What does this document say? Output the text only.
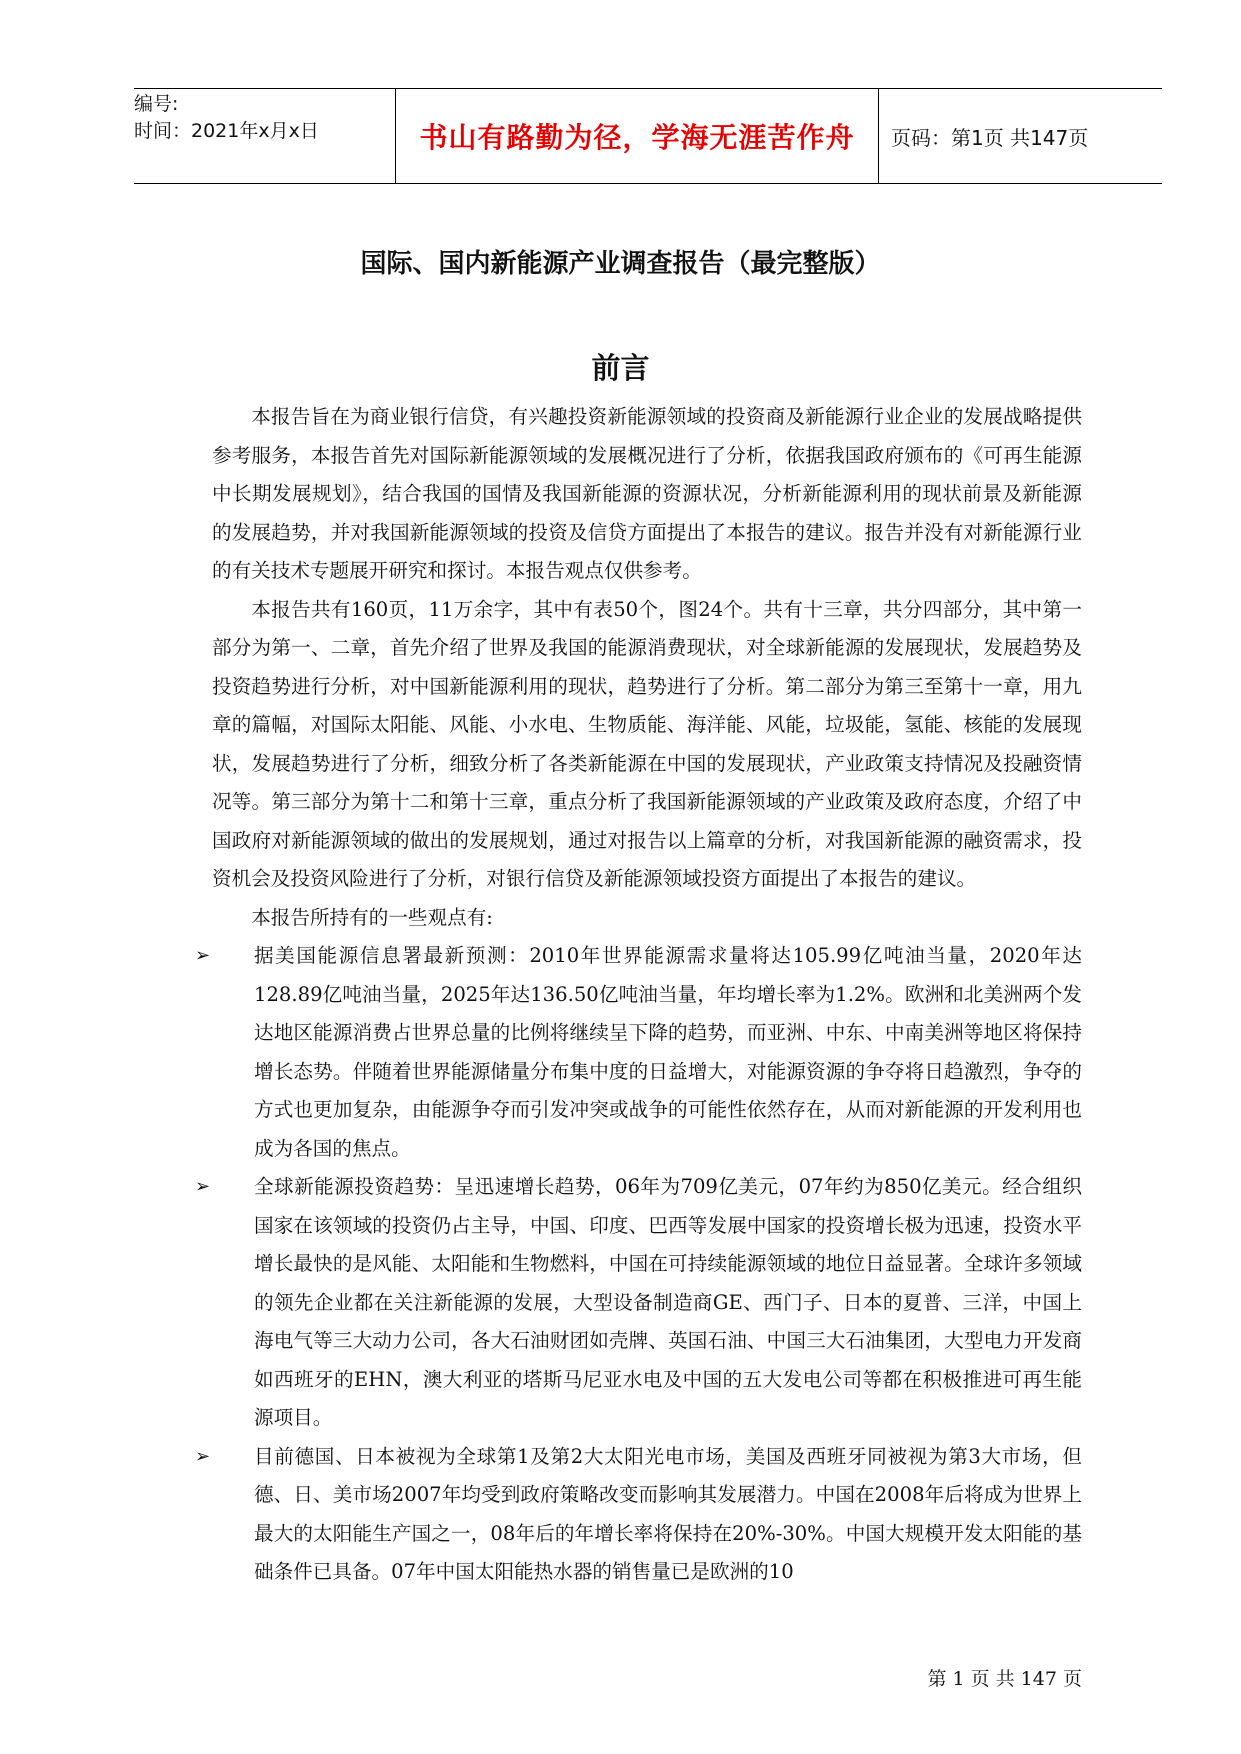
编号:
时间：2021年x月x日	书山有路勤为径，学海无涯苦作舟 页码：第1页 共147页
国际、国内新能源产业调查报告（最完整版）
前言

本报告旨在为商业银行信贷，有兴趣投资新能源领域的投资商及新能源行业企业的发展战略提供参考服务，本报告首先对国际新能源领域的发展概况进行了分析，依据我国政府颁布的《可再生能源中长期发展规划》，结合我国的国情及我国新能源的资源状况，分析新能源利用的现状前景及新能源的发展趋势，并对我国新能源领域的投资及信贷方面提出了本报告的建议。报告并没有对新能源行业的有关技术专题展开研究和探讨。本报告观点仅供参考。

本报告共有160页，11万余字，其中有表50个，图24个。共有十三章，共分四部分，其中第一部分为第一、二章，首先介绍了世界及我国的能源消费现状，对全球新能源的发展现状，发展趋势及投资趋势进行分析，对中国新能源利用的现状，趋势进行了分析。第二部分为第三至第十一章，用九章的篇幅，对国际太阳能、风能、小水电、生物质能、海洋能、风能，垃圾能，氢能、核能的发展现状，发展趋势进行了分析，细致分析了各类新能源在中国的发展现状，产业政策支持情况及投融资情况等。第三部分为第十二和第十三章，重点分析了我国新能源领域的产业政策及政府态度，介绍了中国政府对新能源领域的做出的发展规划，通过对报告以上篇章的分析，对我国新能源的融资需求，投资机会及投资风险进行了分析，对银行信贷及新能源领域投资方面提出了本报告的建议。

本报告所持有的一些观点有:

➢ 据美国能源信息署最新预测：2010年世界能源需求量将达105.99亿吨油当量，2020年达128.89亿吨油当量，2025年达136.50亿吨油当量，年均增长率为1.2%。欧洲和北美洲两个发达地区能源消费占世界总量的比例将继续呈下降的趋势，而亚洲、中东、中南美洲等地区将保持增长态势。伴随着世界能源储量分布集中度的日益增大，对能源资源的争夺将日趋激烈，争夺的方式也更加复杂，由能源争夺而引发冲突或战争的可能性依然存在，从而对新能源的开发利用也成为各国的焦点。
➢ 全球新能源投资趋势：呈迅速增长趋势，06年为709亿美元，07年约为850亿美元。经合组织国家在该领域的投资仍占主导，中国、印度、巴西等发展中国家的投资增长极为迅速，投资水平增长最快的是风能、太阳能和生物燃料，中国在可持续能源领域的地位日益显著。全球许多领域的领先企业都在关注新能源的发展，大型设备制造商GE、西门子、日本的夏普、三洋，中国上海电气等三大动力公司，各大石油财团如壳牌、英国石油、中国三大石油集团，大型电力开发商如西班牙的EHN，澳大利亚的塔斯马尼亚水电及中国的五大发电公司等都在积极推进可再生能源项目。
➢ 目前德国、日本被视为全球第1及第2大太阳光电市场，美国及西班牙同被视为第3大市场，但德、日、美市场2007年均受到政府策略改变而影响其发展潜力。中国在2008年后将成为世界上最大的太阳能生产国之一，08年后的年增长率将保持在20%-30%。中国大规模开发太阳能的基础条件已具备。07年中国太阳能热水器的销售量已是欧洲的10
第 1 页 共 147 页
